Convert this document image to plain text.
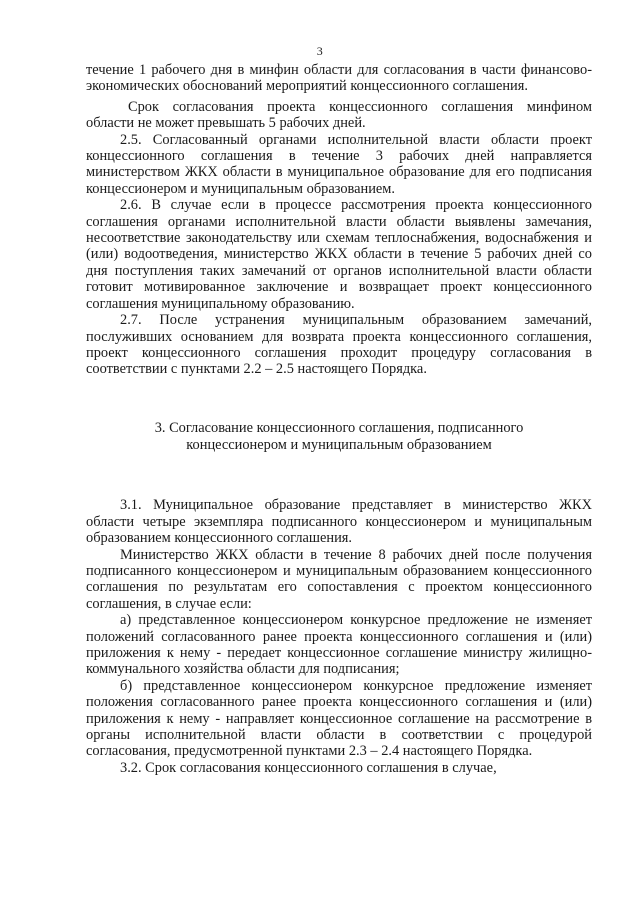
3

течение 1 рабочего дня в минфин области для согласования в части финансово-экономических обоснований мероприятий концессионного соглашения.

Срок согласования проекта концессионного соглашения минфином области не может превышать 5 рабочих дней.

2.5. Согласованный органами исполнительной власти области проект концессионного соглашения в течение 3 рабочих дней направляется министерством ЖКХ области в муниципальное образование для его подписания концессионером и муниципальным образованием.

2.6. В случае если в процессе рассмотрения проекта концессионного соглашения органами исполнительной власти области выявлены замечания, несоответствие законодательству или схемам теплоснабжения, водоснабжения и (или) водоотведения, министерство ЖКХ области в течение 5 рабочих дней со дня поступления таких замечаний от органов исполнительной власти области готовит мотивированное заключение и возвращает проект концессионного соглашения муниципальному образованию.

2.7. После устранения муниципальным образованием замечаний, послуживших основанием для возврата проекта концессионного соглашения, проект концессионного соглашения проходит процедуру согласования в соответствии с пунктами 2.2 – 2.5 настоящего Порядка.

3. Согласование концессионного соглашения, подписанного

концессионером и муниципальным образованием

3.1. Муниципальное образование представляет в министерство ЖКХ области четыре экземпляра подписанного концессионером и муниципальным образованием концессионного соглашения.

Министерство ЖКХ области в течение 8 рабочих дней после получения подписанного концессионером и муниципальным образованием концессионного соглашения по результатам его сопоставления с проектом концессионного соглашения, в случае если:

а) представленное концессионером конкурсное предложение не изменяет положений согласованного ранее проекта концессионного соглашения и (или) приложения к нему - передает концессионное соглашение министру жилищно-коммунального хозяйства области для подписания;

б) представленное концессионером конкурсное предложение изменяет положения согласованного ранее проекта концессионного соглашения и (или) приложения к нему - направляет концессионное соглашение на рассмотрение в органы исполнительной власти области в соответствии с процедурой согласования, предусмотренной пунктами 2.3 – 2.4 настоящего Порядка.

3.2. Срок согласования концессионного соглашения в случае,
